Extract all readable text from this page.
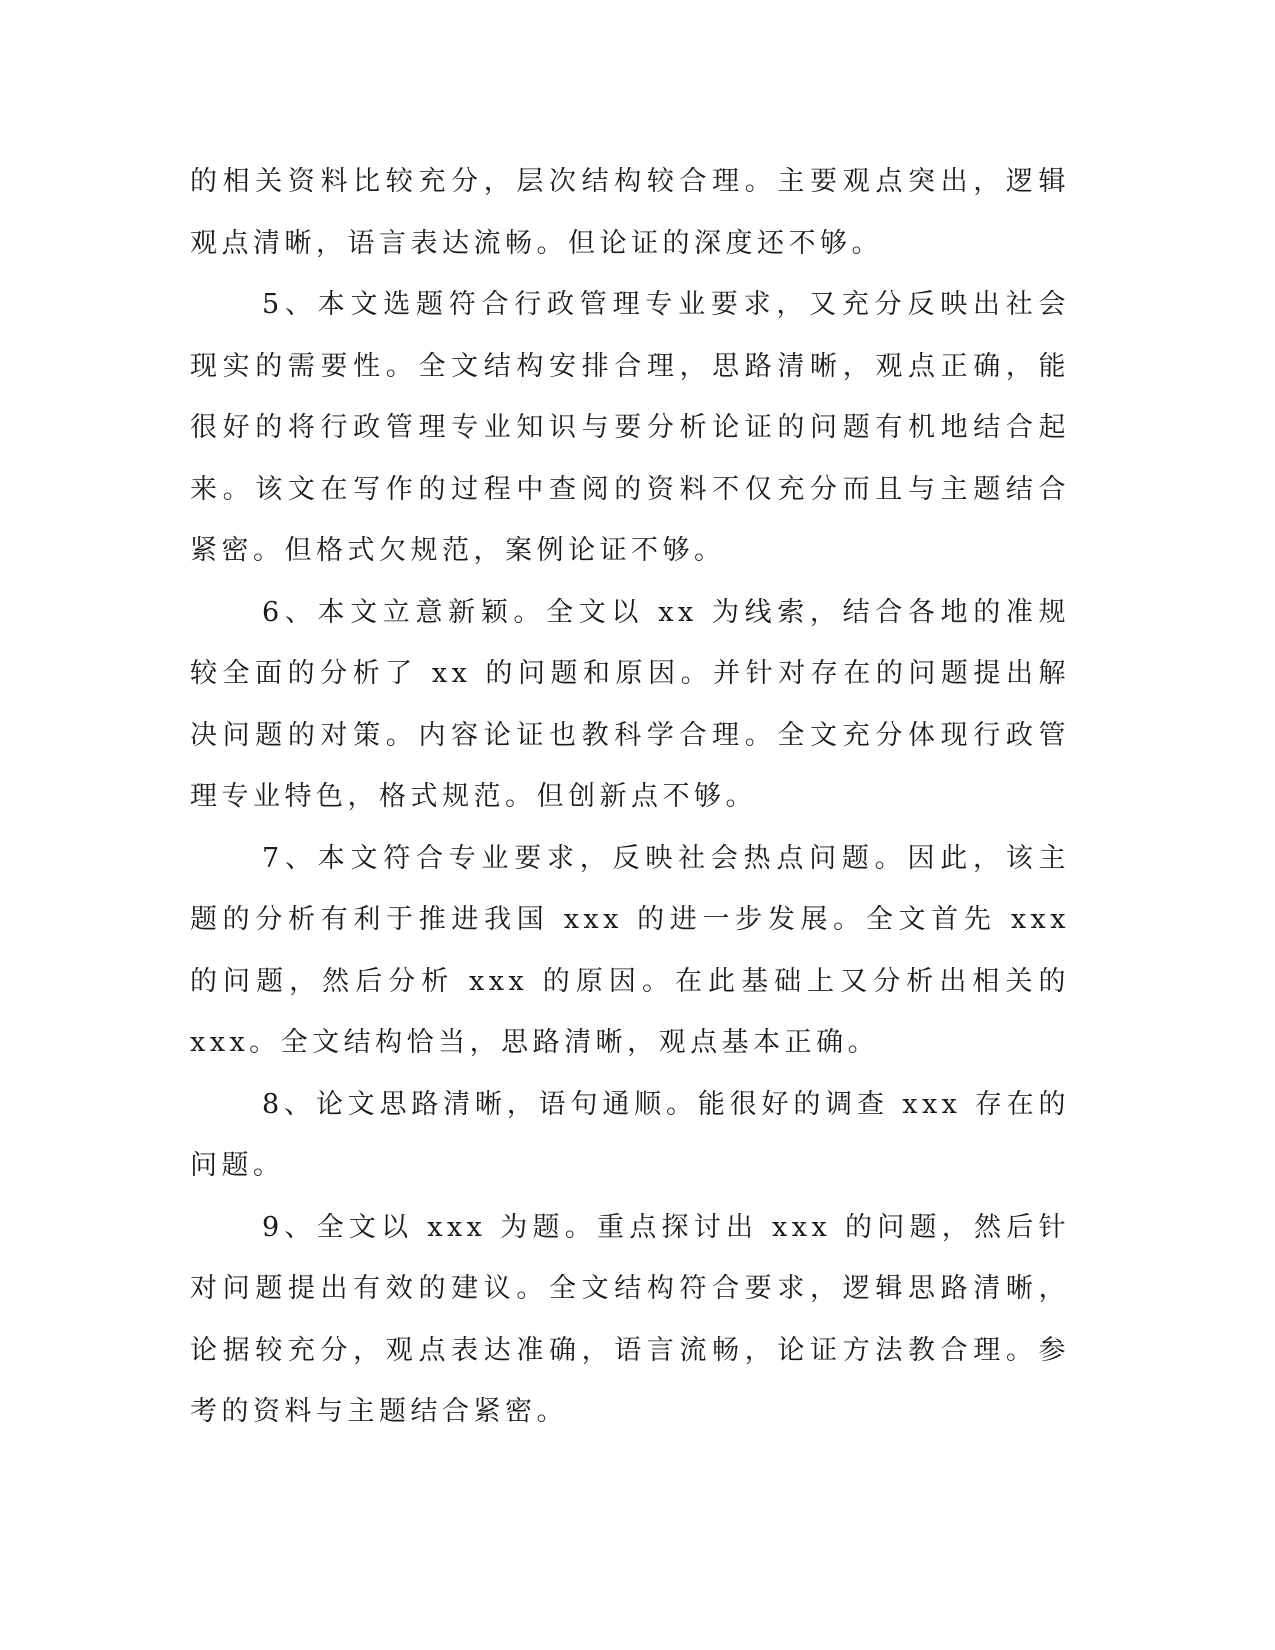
的相关资料比较充分，层次结构较合理。主要观点突出，逻辑观点清晰，语言表达流畅。但论证的深度还不够。

5、本文选题符合行政管理专业要求，又充分反映出社会现实的需要性。全文结构安排合理，思路清晰，观点正确，能很好的将行政管理专业知识与要分析论证的问题有机地结合起来。该文在写作的过程中查阅的资料不仅充分而且与主题结合紧密。但格式欠规范，案例论证不够。

6、本文立意新颖。全文以 xx 为线索，结合各地的准规较全面的分析了 xx 的问题和原因。并针对存在的问题提出解决问题的对策。内容论证也教科学合理。全文充分体现行政管理专业特色，格式规范。但创新点不够。

7、本文符合专业要求，反映社会热点问题。因此，该主题的分析有利于推进我国 xxx 的进一步发展。全文首先 xxx 的问题，然后分析 xxx 的原因。在此基础上又分析出相关的 xxx。全文结构恰当，思路清晰，观点基本正确。

8、论文思路清晰，语句通顺。能很好的调查 xxx 存在的问题。

9、全文以 xxx 为题。重点探讨出 xxx 的问题，然后针对问题提出有效的建议。全文结构符合要求，逻辑思路清晰，论据较充分，观点表达准确，语言流畅，论证方法教合理。参考的资料与主题结合紧密。
